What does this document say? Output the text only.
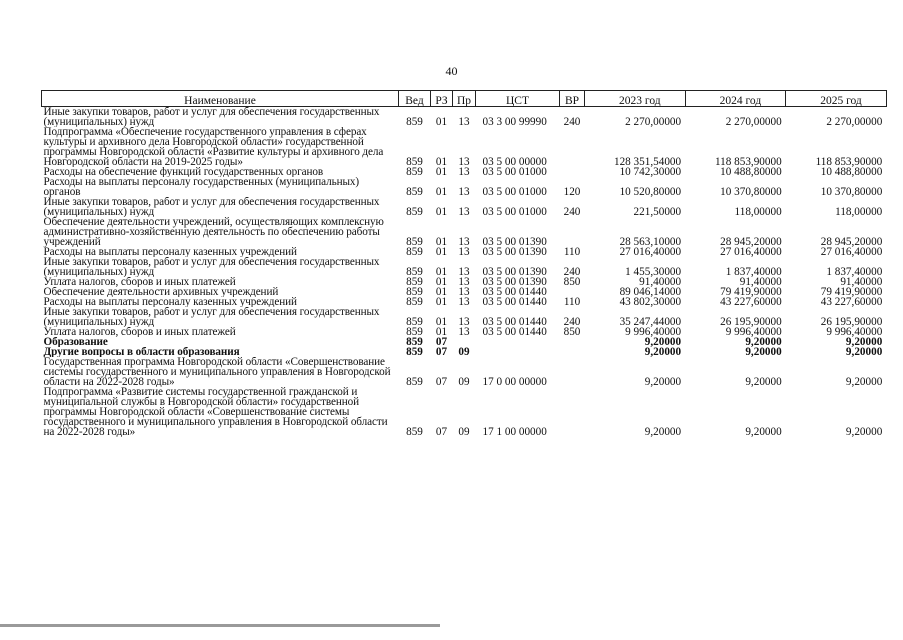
40
Наименование	Вед	РЗ	Пр	ЦСТ	ВР	2023 год	2024 год	2025 год
Иные закупки товаров, работ и услуг для обеспечения государственных (муниципальных) нужд	859	01	13	03 3 00 99990	240	2 270,00000	2 270,00000	2 270,00000
Подпрограмма «Обеспечение государственного управления в сферах культуры и архивного дела Новгородской области» государственной программы Новгородской области «Развитие культуры и архивного дела Новгородской области на 2019-2025 годы»	859	01	13	03 5 00 00000		128 351,54000	118 853,90000	118 853,90000
Расходы на обеспечение функций государственных органов	859	01	13	03 5 00 01000		10 742,30000	10 488,80000	10 488,80000
Расходы на выплаты персоналу государственных (муниципальных) органов	859	01	13	03 5 00 01000	120	10 520,80000	10 370,80000	10 370,80000
Иные закупки товаров, работ и услуг для обеспечения государственных (муниципальных) нужд	859	01	13	03 5 00 01000	240	221,50000	118,00000	118,00000
Обеспечение деятельности учреждений, осуществляющих комплексную административно-хозяйственную деятельность по обеспечению работы учреждений	859	01	13	03 5 00 01390		28 563,10000	28 945,20000	28 945,20000
Расходы на выплаты персоналу казенных учреждений	859	01	13	03 5 00 01390	110	27 016,40000	27 016,40000	27 016,40000
Иные закупки товаров, работ и услуг для обеспечения государственных (муниципальных) нужд	859	01	13	03 5 00 01390	240	1 455,30000	1 837,40000	1 837,40000
Уплата налогов, сборов и иных платежей	859	01	13	03 5 00 01390	850	91,40000	91,40000	91,40000
Обеспечение деятельности архивных учреждений	859	01	13	03 5 00 01440		89 046,14000	79 419,90000	79 419,90000
Расходы на выплаты персоналу казенных учреждений	859	01	13	03 5 00 01440	110	43 802,30000	43 227,60000	43 227,60000
Иные закупки товаров, работ и услуг для обеспечения государственных (муниципальных) нужд	859	01	13	03 5 00 01440	240	35 247,44000	26 195,90000	26 195,90000
Уплата налогов, сборов и иных платежей	859	01	13	03 5 00 01440	850	9 996,40000	9 996,40000	9 996,40000
Образование	859	07				9,20000	9,20000	9,20000
Другие вопросы в области образования	859	07	09			9,20000	9,20000	9,20000
Государственная программа Новгородской области «Совершенствование системы государственного и муниципального управления в Новгородской области на 2022-2028 годы»	859	07	09	17 0 00 00000		9,20000	9,20000	9,20000
Подпрограмма «Развитие системы государственной гражданской и муниципальной службы в Новгородской области» государственной программы Новгородской области «Совершенствование системы государственного и муниципального управления в Новгородской области на 2022-2028 годы»	859	07	09	17 1 00 00000		9,20000	9,20000	9,20000
